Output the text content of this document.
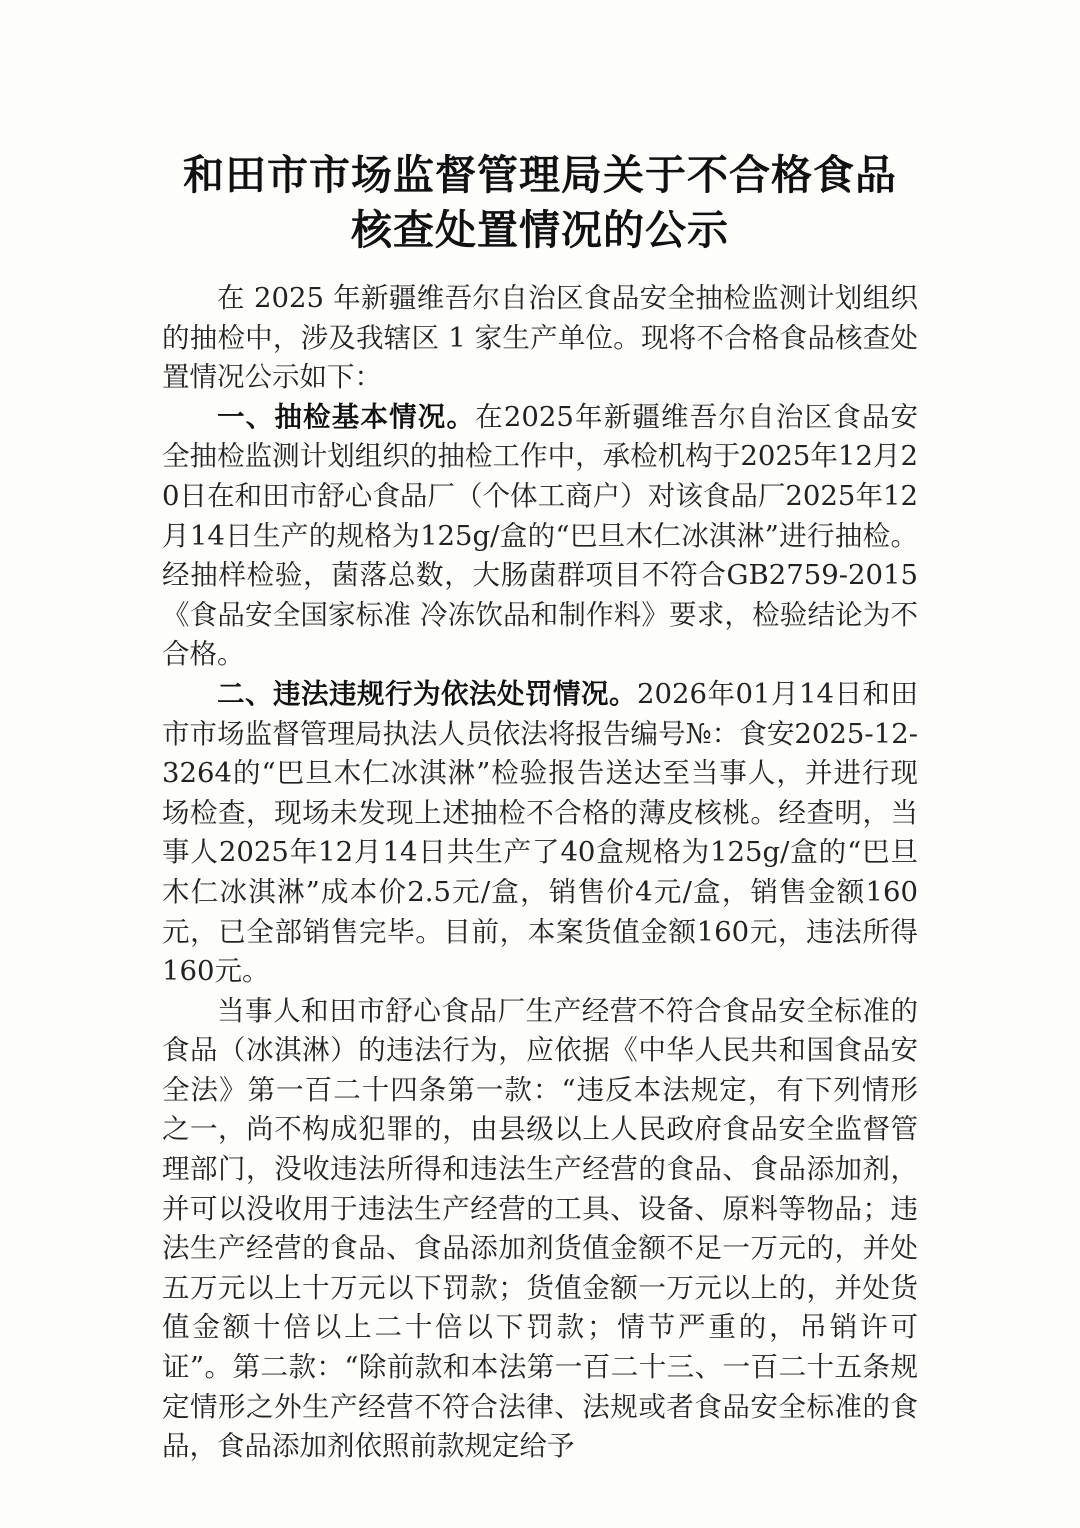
和田市市场监督管理局关于不合格食品
核查处置情况的公示

在 2025 年新疆维吾尔自治区食品安全抽检监测计划组织的抽检中，涉及我辖区 1 家生产单位。现将不合格食品核查处置情况公示如下：

一、抽检基本情况。在2025年新疆维吾尔自治区食品安全抽检监测计划组织的抽检工作中，承检机构于2025年12月20日在和田市舒心食品厂（个体工商户）对该食品厂2025年12月14日生产的规格为125g/盒的“巴旦木仁冰淇淋”进行抽检。经抽样检验，菌落总数，大肠菌群项目不符合GB2759-2015《食品安全国家标准 冷冻饮品和制作料》要求，检验结论为不合格。

二、违法违规行为依法处罚情况。2026年01月14日和田市市场监督管理局执法人员依法将报告编号№：食安2025-12-3264的“巴旦木仁冰淇淋”检验报告送达至当事人，并进行现场检查，现场未发现上述抽检不合格的薄皮核桃。经查明，当事人2025年12月14日共生产了40盒规格为125g/盒的“巴旦木仁冰淇淋”成本价2.5元/盒，销售价4元/盒，销售金额160元，已全部销售完毕。目前，本案货值金额160元，违法所得160元。

当事人和田市舒心食品厂生产经营不符合食品安全标准的食品（冰淇淋）的违法行为，应依据《中华人民共和国食品安全法》第一百二十四条第一款：“违反本法规定，有下列情形之一，尚不构成犯罪的，由县级以上人民政府食品安全监督管理部门，没收违法所得和违法生产经营的食品、食品添加剂，并可以没收用于违法生产经营的工具、设备、原料等物品；违法生产经营的食品、食品添加剂货值金额不足一万元的，并处五万元以上十万元以下罚款；货值金额一万元以上的，并处货值金额十倍以上二十倍以下罚款；情节严重的，吊销许可证”。第二款：“除前款和本法第一百二十三、一百二十五条规定情形之外生产经营不符合法律、法规或者食品安全标准的食品，食品添加剂依照前款规定给予
